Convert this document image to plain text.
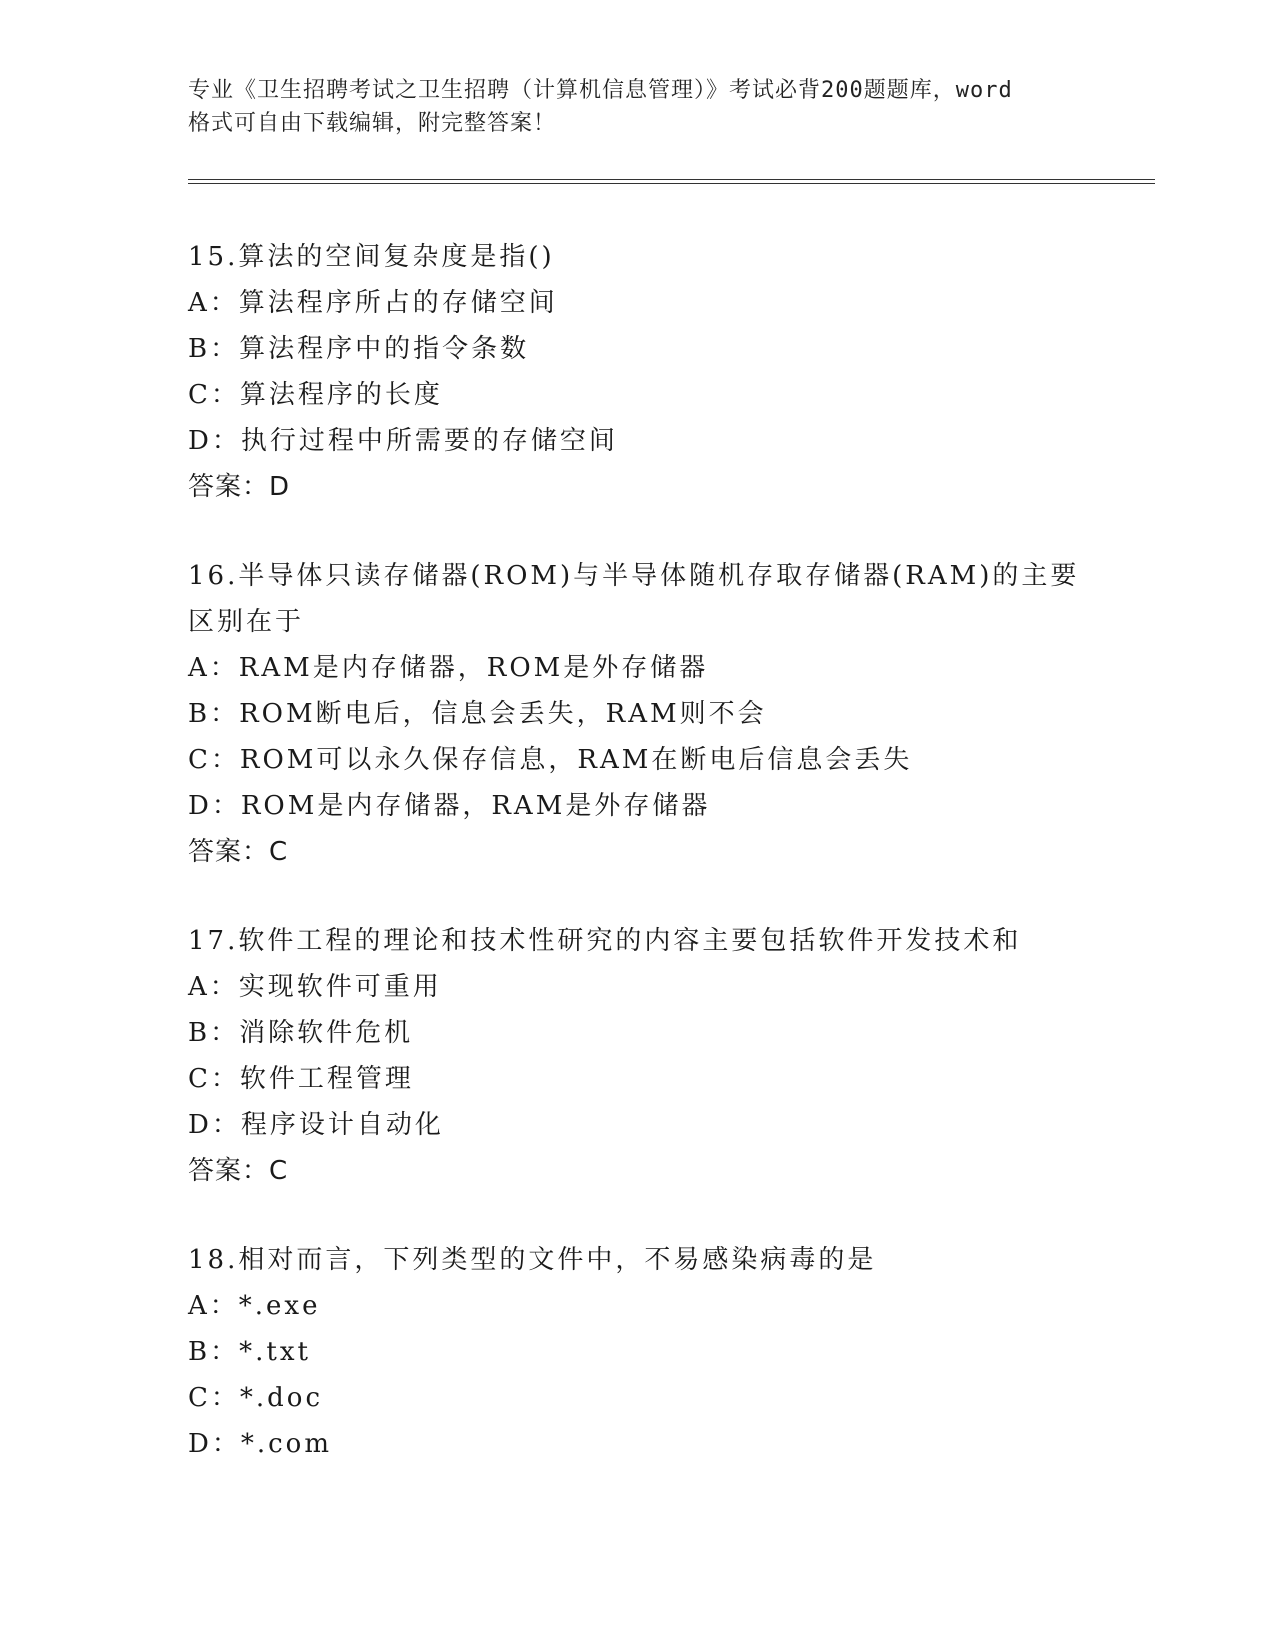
专业《卫生招聘考试之卫生招聘（计算机信息管理）》考试必背200题题库，word
格式可自由下载编辑，附完整答案！
15.算法的空间复杂度是指()
A：算法程序所占的存储空间
B：算法程序中的指令条数
C：算法程序的长度
D：执行过程中所需要的存储空间
答案：D
16.半导体只读存储器(ROM)与半导体随机存取存储器(RAM)的主要区别在于
A：RAM是内存储器，ROM是外存储器
B：ROM断电后，信息会丢失，RAM则不会
C：ROM可以永久保存信息，RAM在断电后信息会丢失
D：ROM是内存储器，RAM是外存储器
答案：C
17.软件工程的理论和技术性研究的内容主要包括软件开发技术和
A：实现软件可重用
B：消除软件危机
C：软件工程管理
D：程序设计自动化
答案：C
18.相对而言，下列类型的文件中，不易感染病毒的是
A：*.exe
B：*.txt
C：*.doc
D：*.com
